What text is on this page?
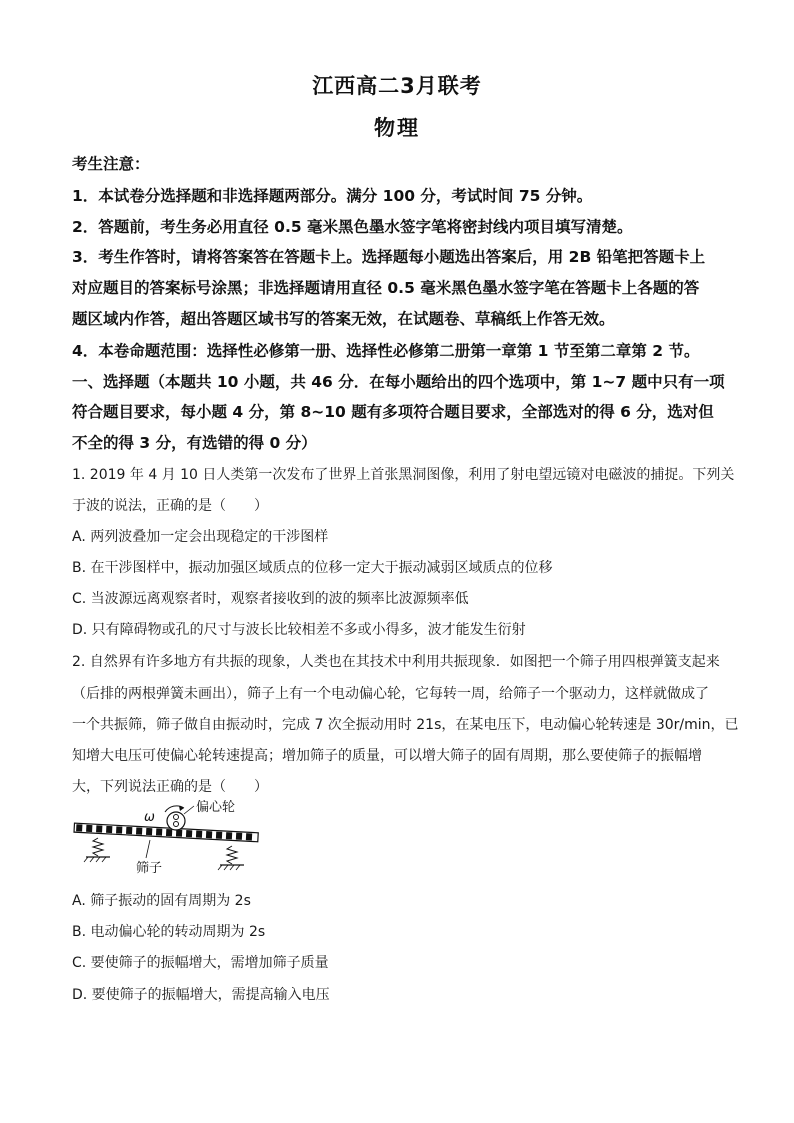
江西高二3月联考
物理
考生注意：
1．本试卷分选择题和非选择题两部分。满分 100 分，考试时间 75 分钟。
2．答题前，考生务必用直径 0.5 毫米黑色墨水签字笔将密封线内项目填写清楚。
3．考生作答时，请将答案答在答题卡上。选择题每小题选出答案后，用 2B 铅笔把答题卡上
对应题目的答案标号涂黑；非选择题请用直径 0.5 毫米黑色墨水签字笔在答题卡上各题的答
题区域内作答，超出答题区域书写的答案无效，在试题卷、草稿纸上作答无效。
4．本卷命题范围：选择性必修第一册、选择性必修第二册第一章第 1 节至第二章第 2 节。
一、选择题（本题共 10 小题，共 46 分．在每小题给出的四个选项中，第 1~7 题中只有一项
符合题目要求，每小题 4 分，第 8~10 题有多项符合题目要求，全部选对的得 6 分，选对但
不全的得 3 分，有选错的得 0 分）
1. 2019 年 4 月 10 日人类第一次发布了世界上首张黑洞图像，利用了射电望远镜对电磁波的捕捉。下列关
于波的说法，正确的是（　　）
A. 两列波叠加一定会出现稳定的干涉图样
B. 在干涉图样中，振动加强区域质点的位移一定大于振动减弱区域质点的位移
C. 当波源远离观察者时，观察者接收到的波的频率比波源频率低
D. 只有障碍物或孔的尺寸与波长比较相差不多或小得多，波才能发生衍射
2. 自然界有许多地方有共振的现象，人类也在其技术中利用共振现象．如图把一个筛子用四根弹簧支起来
（后排的两根弹簧未画出），筛子上有一个电动偏心轮，它每转一周，给筛子一个驱动力，这样就做成了
一个共振筛，筛子做自由振动时，完成 7 次全振动用时 21s，在某电压下，电动偏心轮转速是 30r/min，已
知增大电压可使偏心轮转速提高；增加筛子的质量，可以增大筛子的固有周期，那么要使筛子的振幅增
大，下列说法正确的是（　　）
ω
偏心轮
筛子
A. 筛子振动的固有周期为 2s
B. 电动偏心轮的转动周期为 2s
C. 要使筛子的振幅增大，需增加筛子质量
D. 要使筛子的振幅增大，需提高输入电压
